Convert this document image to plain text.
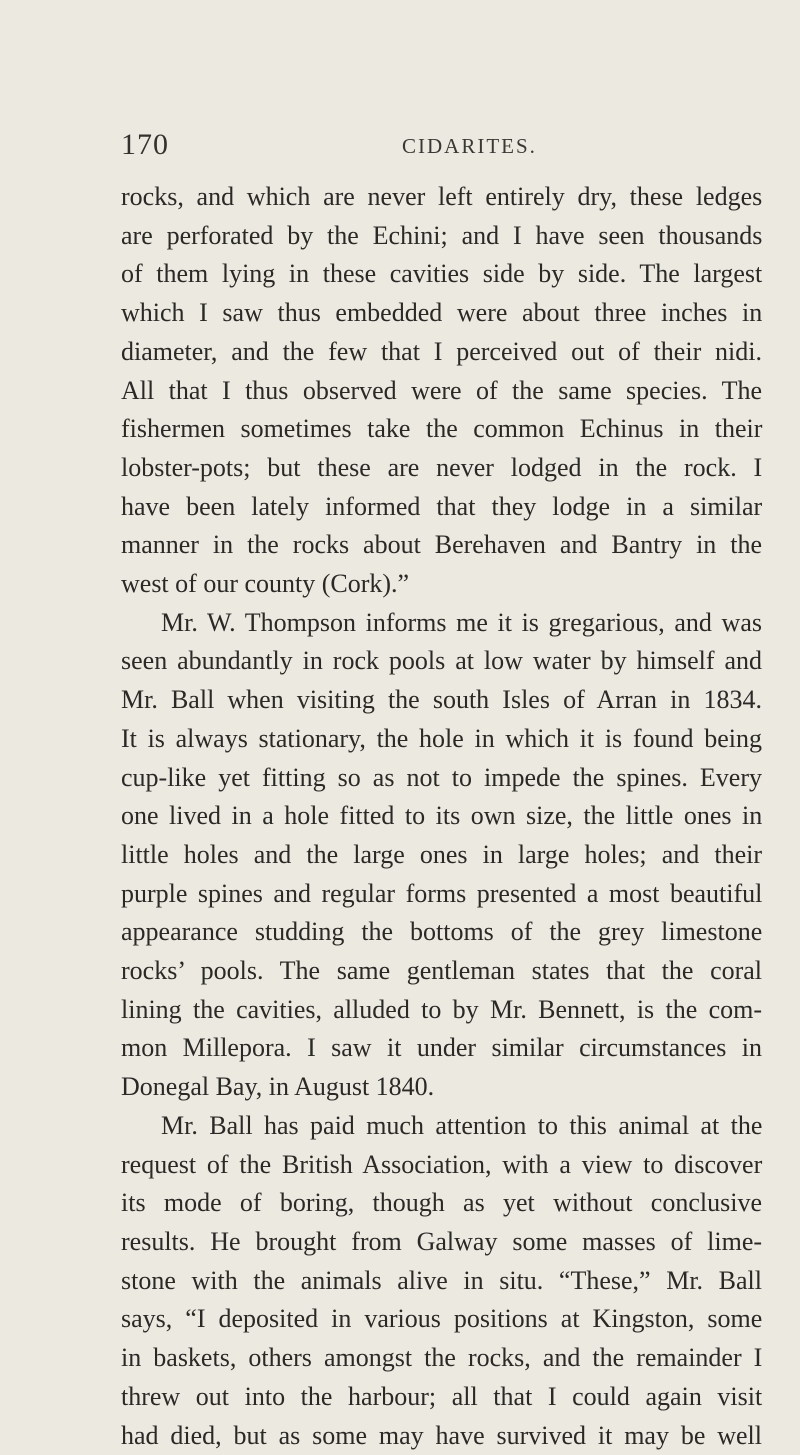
170	CIDARITES.
rocks, and which are never left entirely dry, these ledges
are perforated by the Echini; and I have seen thousands
of them lying in these cavities side by side. The largest
which I saw thus embedded were about three inches in
diameter, and the few that I perceived out of their nidi.
All that I thus observed were of the same species. The
fishermen sometimes take the common Echinus in their
lobster-pots; but these are never lodged in the rock. I
have been lately informed that they lodge in a similar
manner in the rocks about Berehaven and Bantry in the
west of our county (Cork).”
Mr. W. Thompson informs me it is gregarious, and was
seen abundantly in rock pools at low water by himself and
Mr. Ball when visiting the south Isles of Arran in 1834.
It is always stationary, the hole in which it is found being
cup-like yet fitting so as not to impede the spines. Every
one lived in a hole fitted to its own size, the little ones in
little holes and the large ones in large holes; and their
purple spines and regular forms presented a most beautiful
appearance studding the bottoms of the grey limestone
rocks’ pools. The same gentleman states that the coral
lining the cavities, alluded to by Mr. Bennett, is the com-
mon Millepora. I saw it under similar circumstances in
Donegal Bay, in August 1840.
Mr. Ball has paid much attention to this animal at the
request of the British Association, with a view to discover
its mode of boring, though as yet without conclusive
results. He brought from Galway some masses of lime-
stone with the animals alive in situ. “These,” Mr. Ball
says, “I deposited in various positions at Kingston, some
in baskets, others amongst the rocks, and the remainder I
threw out into the harbour; all that I could again visit
had died, but as some may have survived it may be well
